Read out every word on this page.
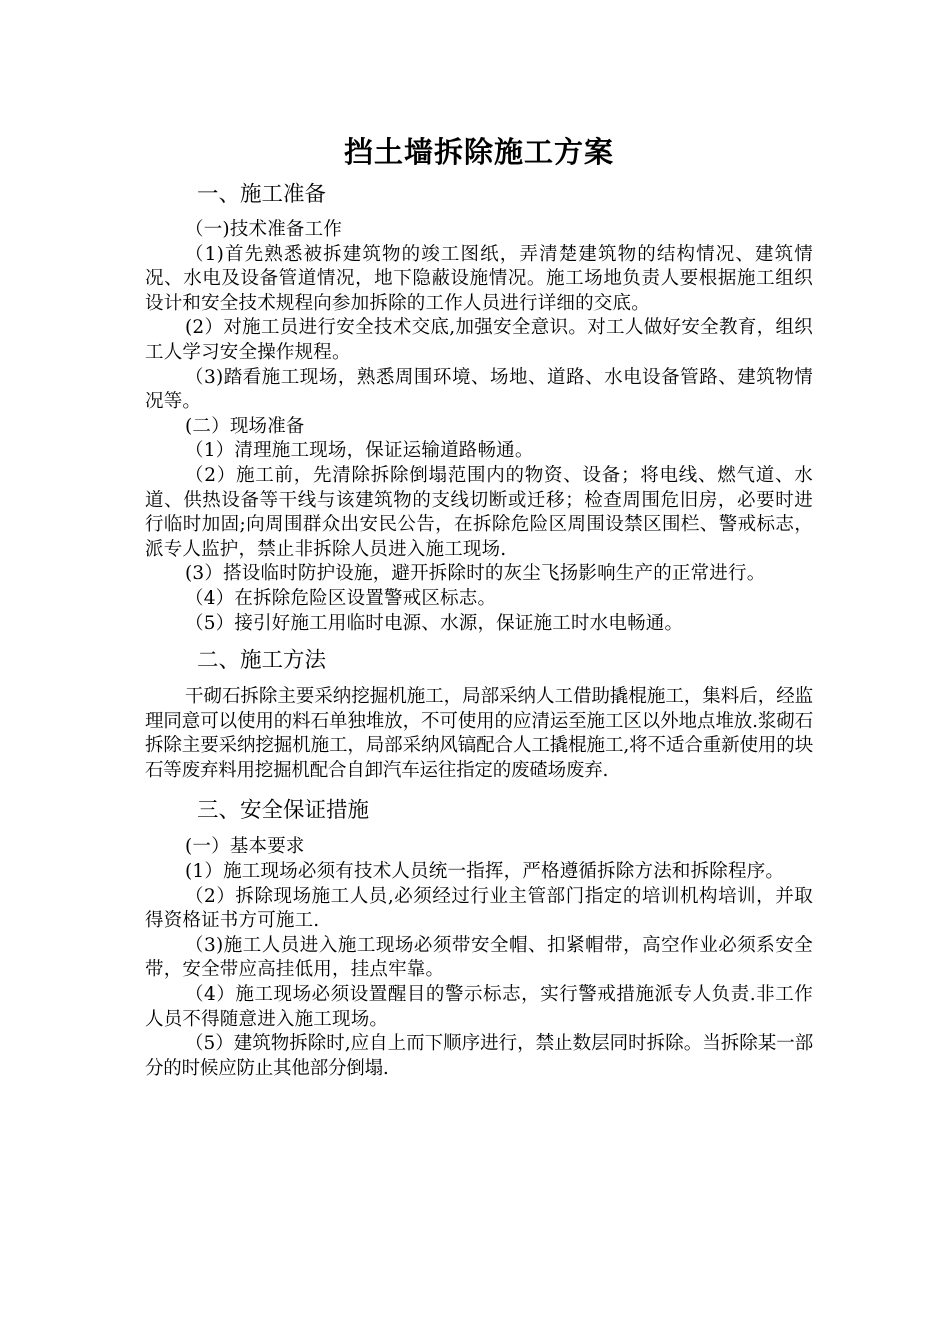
挡土墙拆除施工方案
一、施工准备

（一)技术准备工作

（1)首先熟悉被拆建筑物的竣工图纸，弄清楚建筑物的结构情况、建筑情况、水电及设备管道情况，地下隐蔽设施情况。施工场地负责人要根据施工组织设计和安全技术规程向参加拆除的工作人员进行详细的交底。

(2）对施工员进行安全技术交底,加强安全意识。对工人做好安全教育，组织工人学习安全操作规程。

（3)踏看施工现场，熟悉周围环境、场地、道路、水电设备管路、建筑物情况等。

(二）现场准备

（1）清理施工现场，保证运输道路畅通。

（2）施工前，先清除拆除倒塌范围内的物资、设备；将电线、燃气道、水道、供热设备等干线与该建筑物的支线切断或迁移；检查周围危旧房，必要时进行临时加固;向周围群众出安民公告，在拆除危险区周围设禁区围栏、警戒标志，派专人监护，禁止非拆除人员进入施工现场.

(3）搭设临时防护设施，避开拆除时的灰尘飞扬影响生产的正常进行。

（4）在拆除危险区设置警戒区标志。

（5）接引好施工用临时电源、水源，保证施工时水电畅通。

二、施工方法

干砌石拆除主要采纳挖掘机施工，局部采纳人工借助撬棍施工，集料后，经监理同意可以使用的料石单独堆放，不可使用的应清运至施工区以外地点堆放.浆砌石拆除主要采纳挖掘机施工，局部采纳风镐配合人工撬棍施工,将不适合重新使用的块石等废弃料用挖掘机配合自卸汽车运往指定的废碴场废弃.

三、安全保证措施

(一）基本要求

(1）施工现场必须有技术人员统一指挥，严格遵循拆除方法和拆除程序。

（2）拆除现场施工人员,必须经过行业主管部门指定的培训机构培训，并取得资格证书方可施工.

（3)施工人员进入施工现场必须带安全帽、扣紧帽带，高空作业必须系安全带，安全带应高挂低用，挂点牢靠。

（4）施工现场必须设置醒目的警示标志，实行警戒措施派专人负责.非工作人员不得随意进入施工现场。

（5）建筑物拆除时,应自上而下顺序进行，禁止数层同时拆除。当拆除某一部分的时候应防止其他部分倒塌.
